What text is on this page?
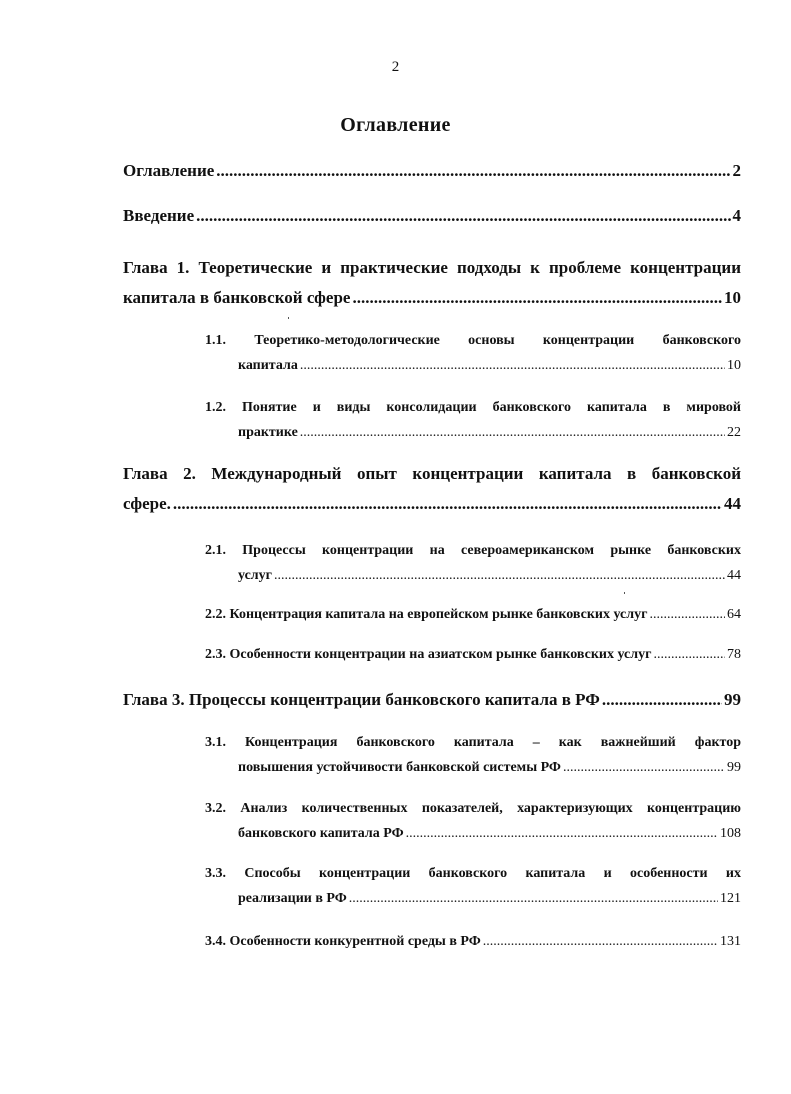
2
Оглавление
Оглавление .....	2
Введение .....	4
Глава 1. Теоретические и практические подходы к проблеме концентрации
капитала в банковской сфере .....	10
1.1. Теоретико-методологические основы концентрации банковского
капитала .....	10
1.2. Понятие и виды консолидации банковского капитала в мировой
практике .....	22
Глава 2. Международный опыт концентрации капитала в банковской
сфере. .....	44
2.1. Процессы концентрации на североамериканском рынке банковских
услуг .....	44
2.2. Концентрация капитала на европейском рынке банковских услуг .....	64
2.3. Особенности концентрации на азиатском рынке банковских услуг .....	78
Глава 3. Процессы концентрации банковского капитала в РФ .....	99
3.1. Концентрация банковского капитала – как важнейший фактор
повышения устойчивости банковской системы РФ .....	99
3.2. Анализ количественных показателей, характеризующих концентрацию
банковского капитала РФ .....	108
3.3. Способы концентрации банковского капитала и особенности их
реализации в РФ .....	121
3.4. Особенности конкурентной среды в РФ .....	131
